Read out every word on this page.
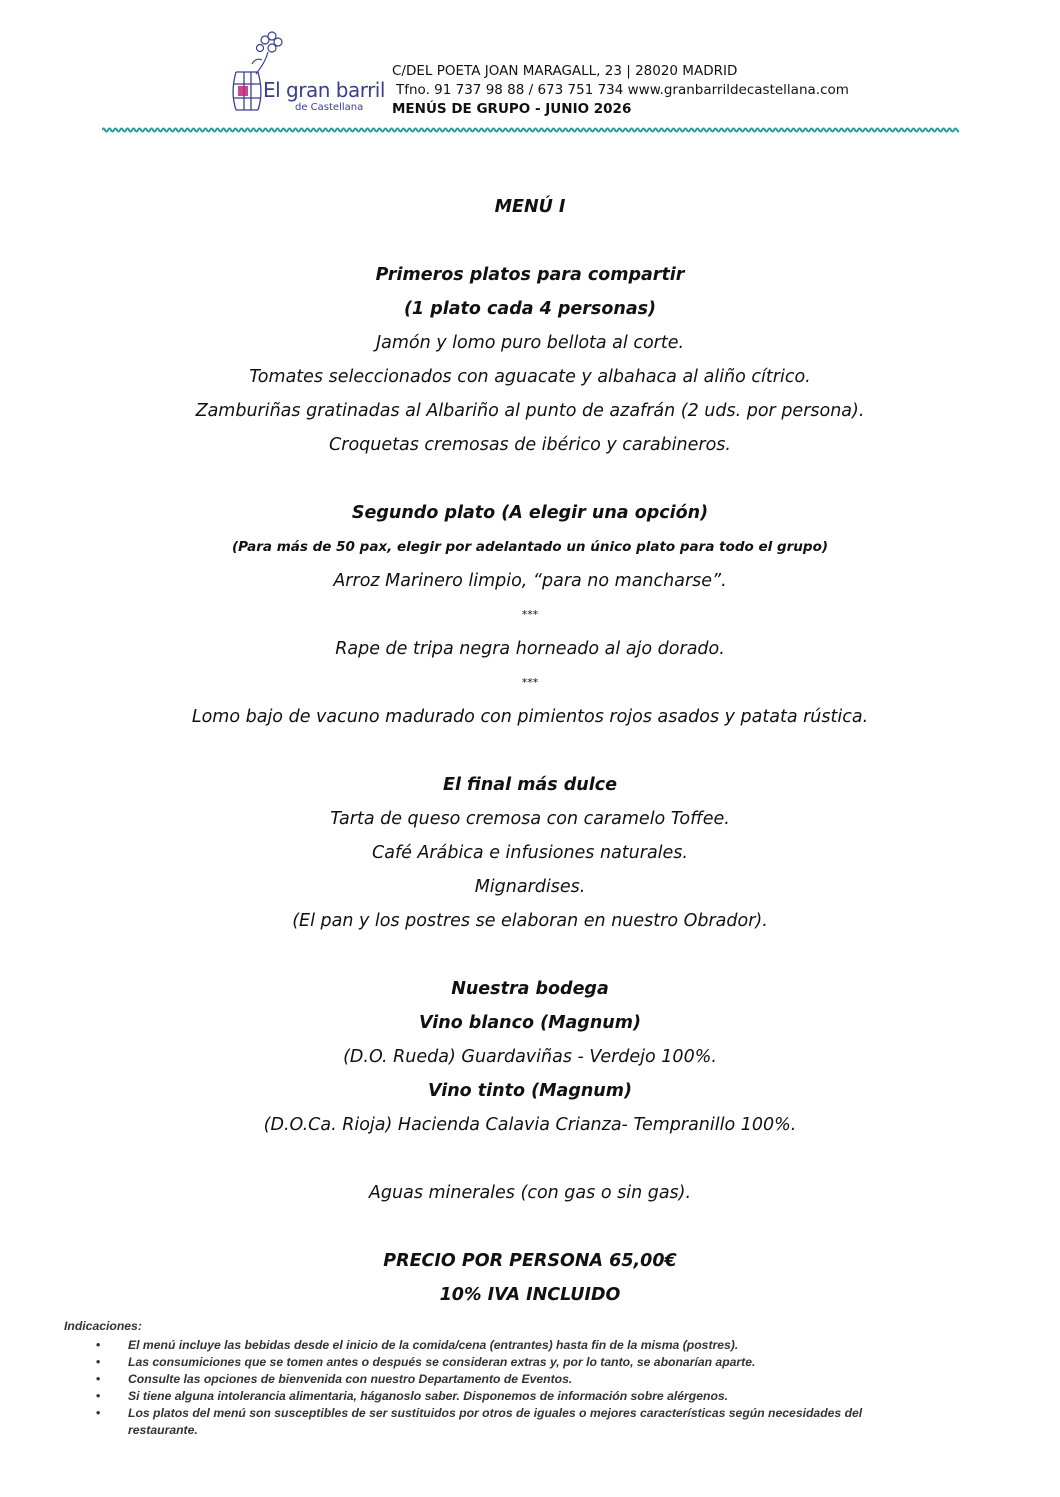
El gran barril
de Castellana
C/DEL POETA JOAN MARAGALL, 23 | 28020 MADRID
Tfno. 91 737 98 88 / 673 751 734 www.granbarrildecastellana.com
MENÚS DE GRUPO - JUNIO 2026
MENÚ I
Primeros platos para compartir
(1 plato cada 4 personas)
Jamón y lomo puro bellota al corte.
Tomates seleccionados con aguacate y albahaca al aliño cítrico.
Zamburiñas gratinadas al Albariño al punto de azafrán (2 uds. por persona).
Croquetas cremosas de ibérico y carabineros.
Segundo plato (A elegir una opción)
(Para más de 50 pax, elegir por adelantado un único plato para todo el grupo)
Arroz Marinero limpio, “para no mancharse”.
***
Rape de tripa negra horneado al ajo dorado.
***
Lomo bajo de vacuno madurado con pimientos rojos asados y patata rústica.
El final más dulce
Tarta de queso cremosa con caramelo Toffee.
Café Arábica e infusiones naturales.
Mignardises.
(El pan y los postres se elaboran en nuestro Obrador).
Nuestra bodega
Vino blanco (Magnum)
(D.O. Rueda) Guardaviñas - Verdejo 100%.
Vino tinto (Magnum)
(D.O.Ca. Rioja) Hacienda Calavia Crianza- Tempranillo 100%.
Aguas minerales (con gas o sin gas).
PRECIO POR PERSONA 65,00€
10% IVA INCLUIDO
Indicaciones:
• El menú incluye las bebidas desde el inicio de la comida/cena (entrantes) hasta fin de la misma (postres).
• Las consumiciones que se tomen antes o después se consideran extras y, por lo tanto, se abonarían aparte.
• Consulte las opciones de bienvenida con nuestro Departamento de Eventos.
• Si tiene alguna intolerancia alimentaria, háganoslo saber. Disponemos de información sobre alérgenos.
• Los platos del menú son susceptibles de ser sustituidos por otros de iguales o mejores características según necesidades del restaurante.
